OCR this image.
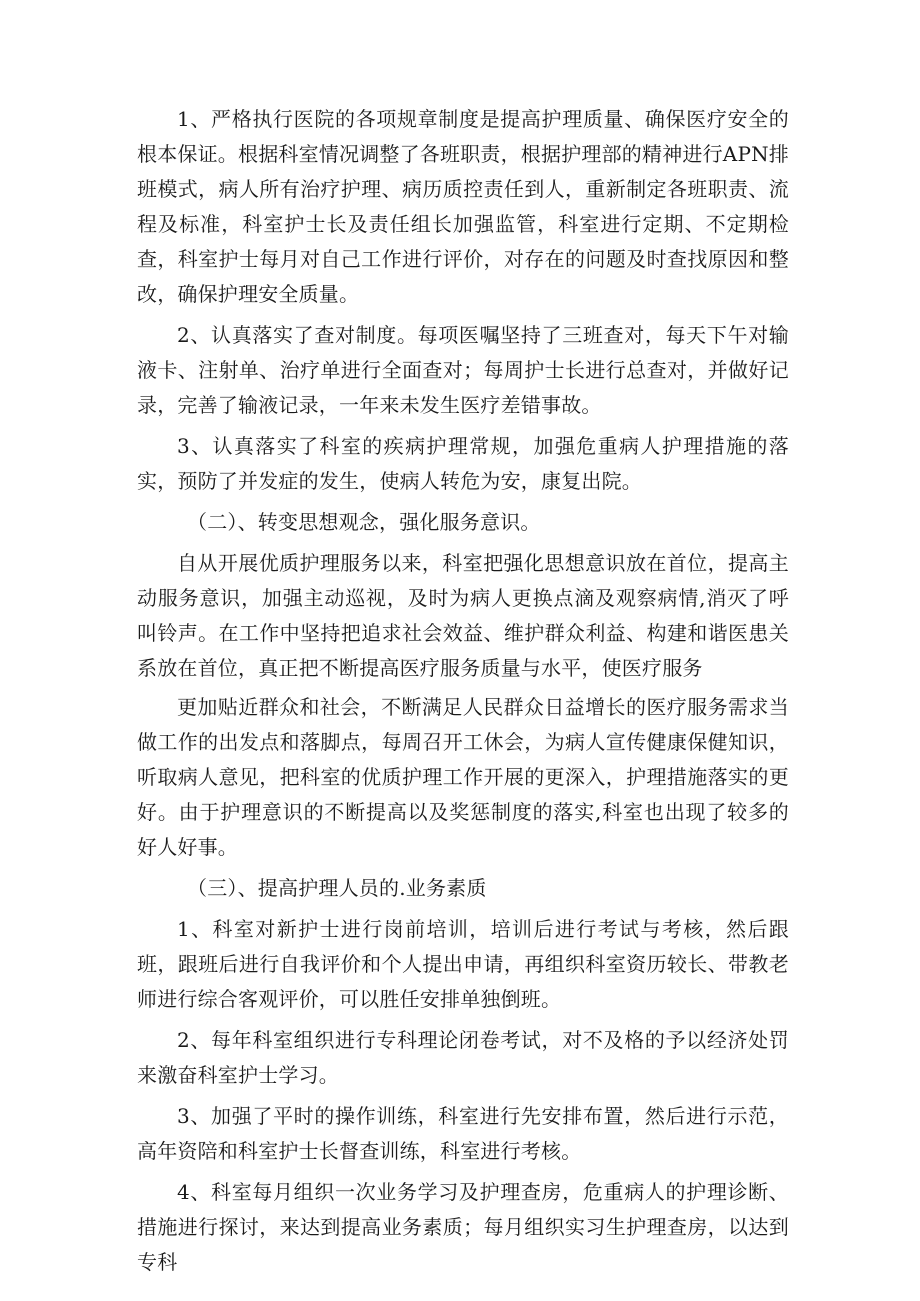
1、严格执行医院的各项规章制度是提高护理质量、确保医疗安全的根本保证。根据科室情况调整了各班职责，根据护理部的精神进行APN排班模式，病人所有治疗护理、病历质控责任到人，重新制定各班职责、流程及标准，科室护士长及责任组长加强监管，科室进行定期、不定期检查，科室护士每月对自己工作进行评价，对存在的问题及时查找原因和整改，确保护理安全质量。

2、认真落实了查对制度。每项医嘱坚持了三班查对，每天下午对输液卡、注射单、治疗单进行全面查对；每周护士长进行总查对，并做好记录，完善了输液记录，一年来未发生医疗差错事故。

3、认真落实了科室的疾病护理常规，加强危重病人护理措施的落实，预防了并发症的发生，使病人转危为安，康复出院。

（二）、转变思想观念，强化服务意识。

自从开展优质护理服务以来，科室把强化思想意识放在首位，提高主动服务意识，加强主动巡视，及时为病人更换点滴及观察病情,消灭了呼叫铃声。在工作中坚持把追求社会效益、维护群众利益、构建和谐医患关系放在首位，真正把不断提高医疗服务质量与水平，使医疗服务

更加贴近群众和社会，不断满足人民群众日益增长的医疗服务需求当做工作的出发点和落脚点，每周召开工休会，为病人宣传健康保健知识，听取病人意见，把科室的优质护理工作开展的更深入，护理措施落实的更好。由于护理意识的不断提高以及奖惩制度的落实,科室也出现了较多的好人好事。

（三）、提高护理人员的.业务素质

1、科室对新护士进行岗前培训，培训后进行考试与考核，然后跟班，跟班后进行自我评价和个人提出申请，再组织科室资历较长、带教老师进行综合客观评价，可以胜任安排单独倒班。

2、每年科室组织进行专科理论闭卷考试，对不及格的予以经济处罚来激奋科室护士学习。

3、加强了平时的操作训练，科室进行先安排布置，然后进行示范，高年资陪和科室护士长督查训练，科室进行考核。

4、科室每月组织一次业务学习及护理查房，危重病人的护理诊断、措施进行探讨，来达到提高业务素质；每月组织实习生护理查房，以达到专科
